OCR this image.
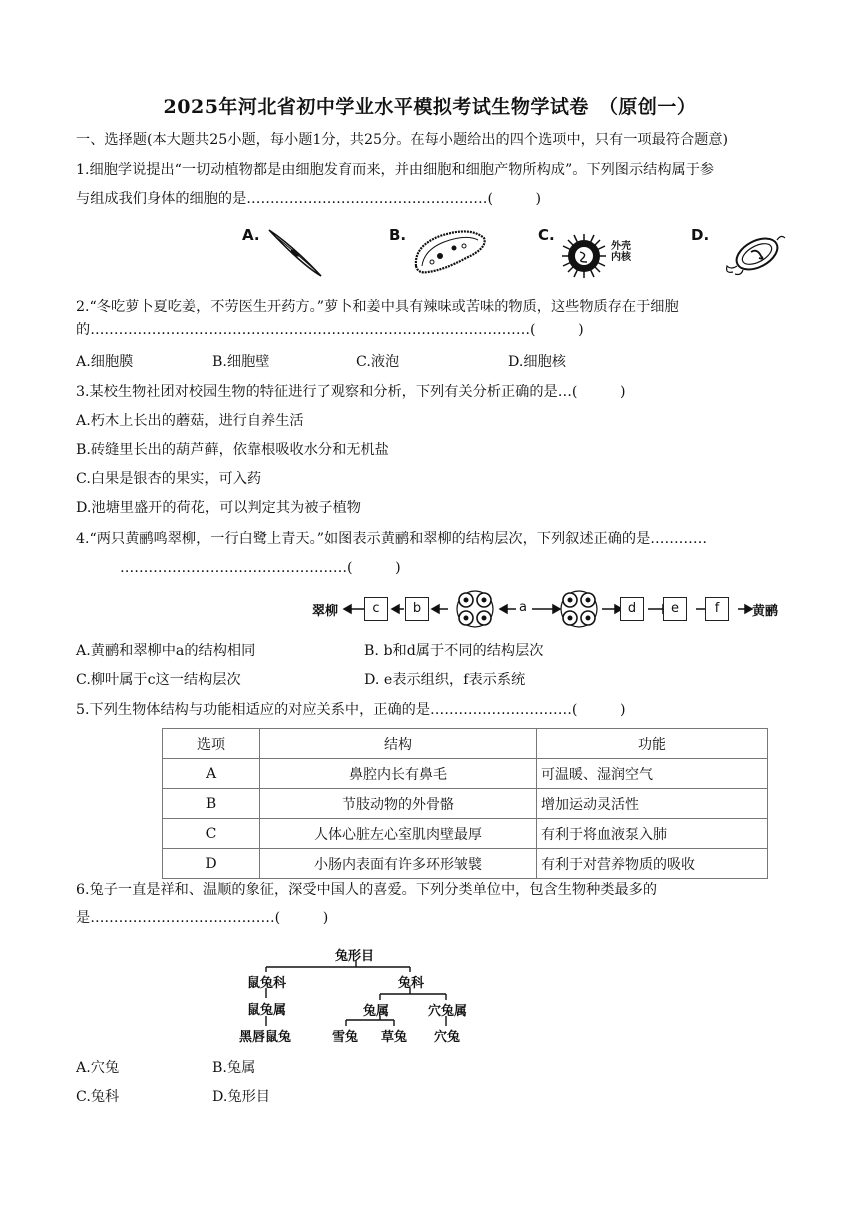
2025年河北省初中学业水平模拟考试生物学试卷　（原创一）
一、选择题(本大题共25小题，每小题1分，共25分。在每小题给出的四个选项中，只有一项最符合题意)
1.细胞学说提出“一切动植物都是由细胞发育而来，并由细胞和细胞产物所构成”。下列图示结构属于参
与组成我们身体的细胞的是……………………………………………(　　　)
A.	B.	C.
外壳
内核
D.
2.“冬吃萝卜夏吃姜，不劳医生开药方。”萝卜和姜中具有辣味或苦味的物质，这些物质存在于细胞
的…………………………………………………………………………………(　　　)
A.细胞膜	B.细胞壁	C.液泡	D.细胞核
3.某校生物社团对校园生物的特征进行了观察和分析，下列有关分析正确的是…(　　　)
A.朽木上长出的蘑菇，进行自养生活
B.砖缝里长出的葫芦藓，依靠根吸收水分和无机盐
C.白果是银杏的果实，可入药
D.池塘里盛开的荷花，可以判定其为被子植物
4.“两只黄鹂鸣翠柳，一行白鹭上青天。”如图表示黄鹂和翠柳的结构层次，下列叙述正确的是…………
…………………………………………(　　　)
翠柳	c	b	a	d	e	f	黄鹂
A.黄鹂和翠柳中a的结构相同	B. b和d属于不同的结构层次
C.柳叶属于c这一结构层次	D. e表示组织，f表示系统
5.下列生物体结构与功能相适应的对应关系中，正确的是…………………………(　　　)
选项	结构	功能
A	鼻腔内长有鼻毛	可温暖、湿润空气
B	节肢动物的外骨骼	增加运动灵活性
C	人体心脏左心室肌肉壁最厚	有利于将血液泵入肺
D	小肠内表面有许多环形皱襞	有利于对营养物质的吸收
6.兔子一直是祥和、温顺的象征，深受中国人的喜爱。下列分类单位中，包含生物种类最多的
是…………………………………(　　　)
兔形目
鼠兔科	兔科
鼠兔属	兔属	穴兔属
黑唇鼠兔	雪兔 草兔 穴兔
A.穴兔	B.兔属
C.兔科	D.兔形目
